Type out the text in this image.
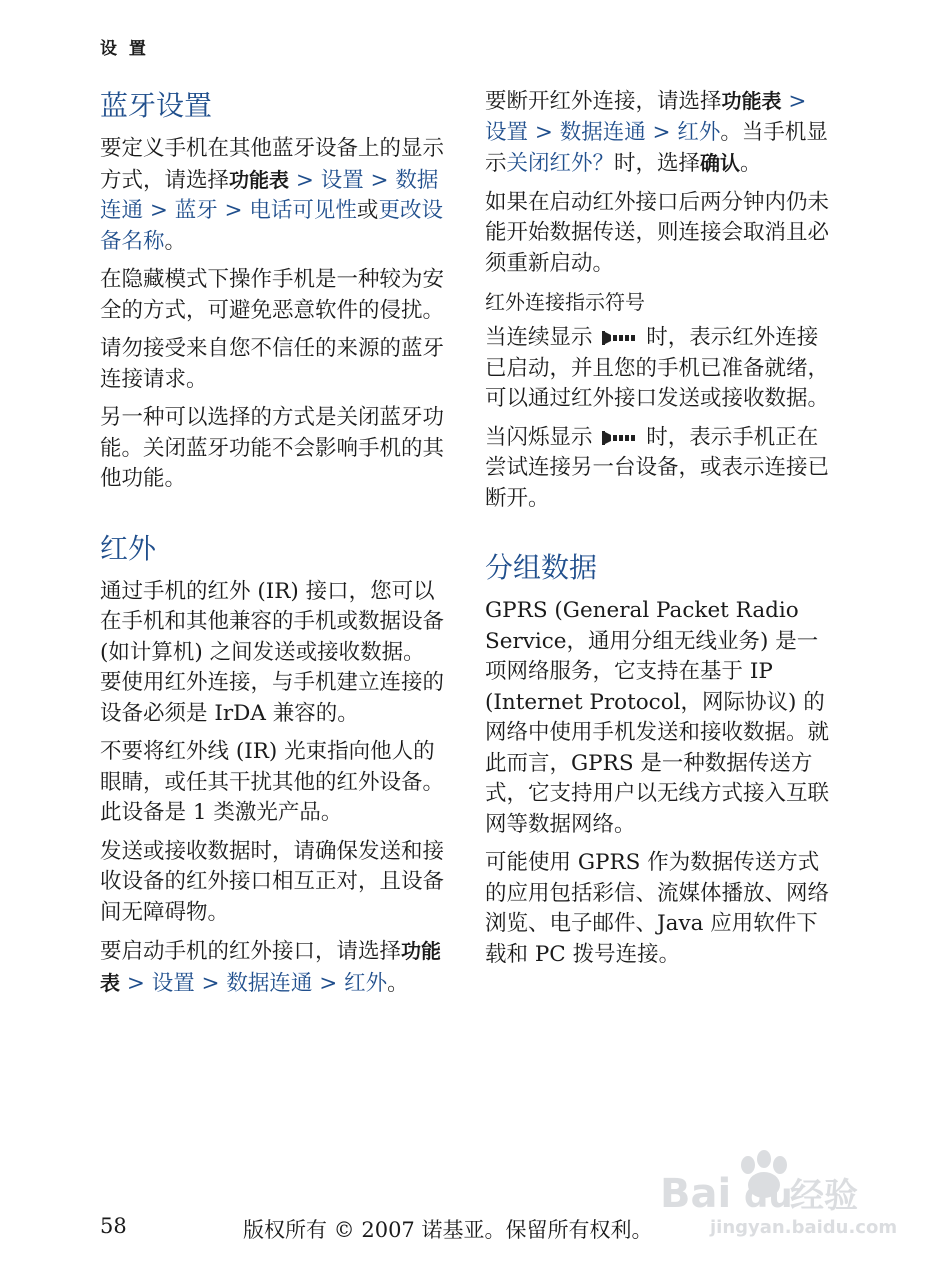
设 置
蓝牙设置

要定义手机在其他蓝牙设备上的显示方式，请选择功能表 > 设置 > 数据连通 > 蓝牙 > 电话可见性或更改设备名称。

在隐藏模式下操作手机是一种较为安全的方式，可避免恶意软件的侵扰。

请勿接受来自您不信任的来源的蓝牙连接请求。

另一种可以选择的方式是关闭蓝牙功能。关闭蓝牙功能不会影响手机的其他功能。

红外

通过手机的红外 (IR) 接口，您可以在手机和其他兼容的手机或数据设备 (如计算机) 之间发送或接收数据。要使用红外连接，与手机建立连接的设备必须是 IrDA 兼容的。

不要将红外线 (IR) 光束指向他人的眼睛，或任其干扰其他的红外设备。此设备是 1 类激光产品。

发送或接收数据时，请确保发送和接收设备的红外接口相互正对，且设备间无障碍物。

要启动手机的红外接口，请选择功能表 > 设置 > 数据连通 > 红外。

要断开红外连接，请选择功能表 > 设置 > 数据连通 > 红外。当手机显示关闭红外？时，选择确认。

如果在启动红外接口后两分钟内仍未能开始数据传送，则连接会取消且必须重新启动。

红外连接指示符号

当连续显示 时，表示红外连接已启动，并且您的手机已准备就绪，可以通过红外接口发送或接收数据。

当闪烁显示 时，表示手机正在尝试连接另一台设备，或表示连接已断开。

分组数据

GPRS (General Packet Radio Service，通用分组无线业务) 是一项网络服务，它支持在基于 IP (Internet Protocol，网际协议) 的网络中使用手机发送和接收数据。就此而言，GPRS 是一种数据传送方式，它支持用户以无线方式接入互联网等数据网络。

可能使用 GPRS 作为数据传送方式的应用包括彩信、流媒体播放、网络浏览、电子邮件、Java 应用软件下载和 PC 拨号连接。

Bai du
经验
jingyan.baidu.com
58	版权所有 © 2007 诺基亚。保留所有权利。
